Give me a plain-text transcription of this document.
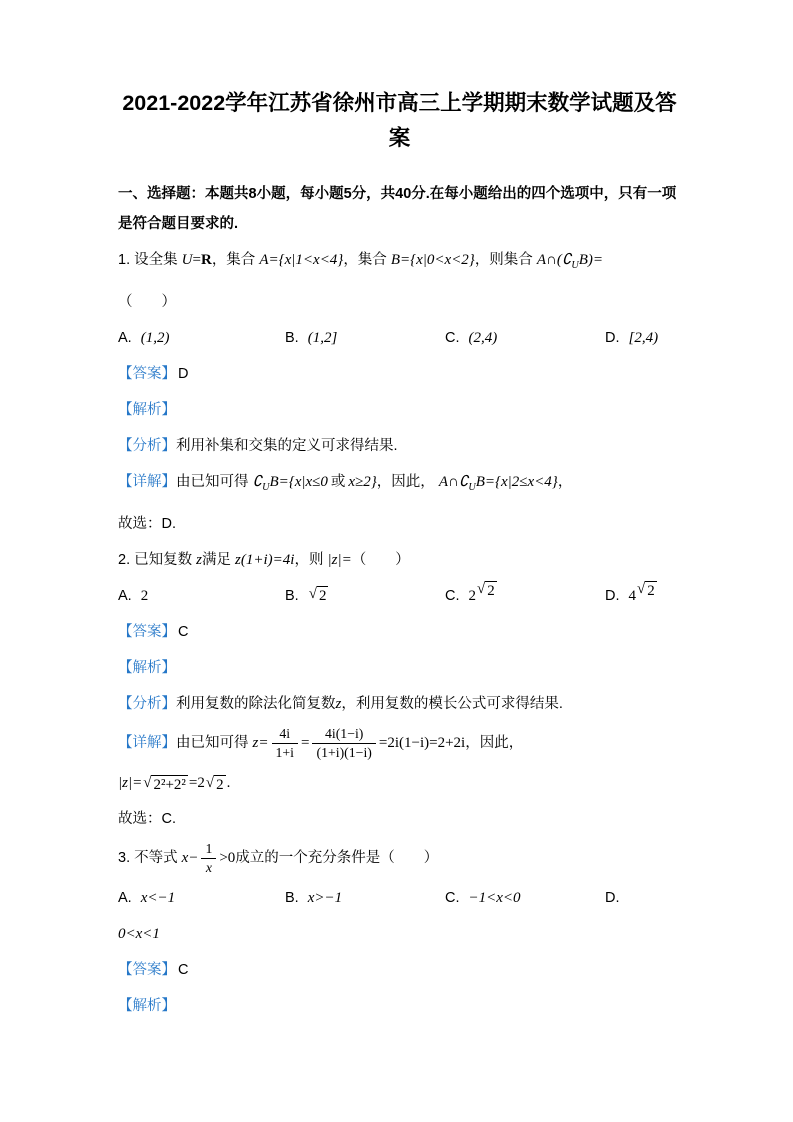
2021-2022学年江苏省徐州市高三上学期期末数学试题及答
案

一、选择题：本题共8小题，每小题5分，共40分.在每小题给出的四个选项中，只有一项
是符合题目要求的.

1. 设全集 U=R，集合 A={x|1<x<4}，集合 B={x|0<x<2}，则集合 $A\cap(∁_UB)=$

（　　）

A. (1,2)	B. (1,2]	C. (2,4)	D. [2,4)

【答案】 D

【解析】

【分析】利用补集和交集的定义可求得结果.

【详解】由已知可得 $∁_UB=\{x|x\le 0$ 或 x≥2}，因此， $A\cap∁_UB=\{x|2\le x<4\}$，

故选：D.

2. 已知复数 z满足 z(1+i)=4i，则 |z|=（　　）

A. 2	B. √ 2	C. 2 √ 2	D. 4 √ 2

【答案】 C

【解析】

【分析】利用复数的除法化简复数z，利用复数的模长公式可求得结果.

【详解】由已知可得 $z= \frac{4i}{1+i} = \frac{4i(1-i)}{(1+i)(1-i)} =2i(1-i)=2+2i$，因此，

|z|= √ 2²+2² =2 √ 2 .

故选：C.

3. 不等式 $x- \frac{1}{x} >0$成立的一个充分条件是（　　）

A. x<−1	B. x>−1	C. −1<x<0	D.

0<x<1

【答案】 C

【解析】
